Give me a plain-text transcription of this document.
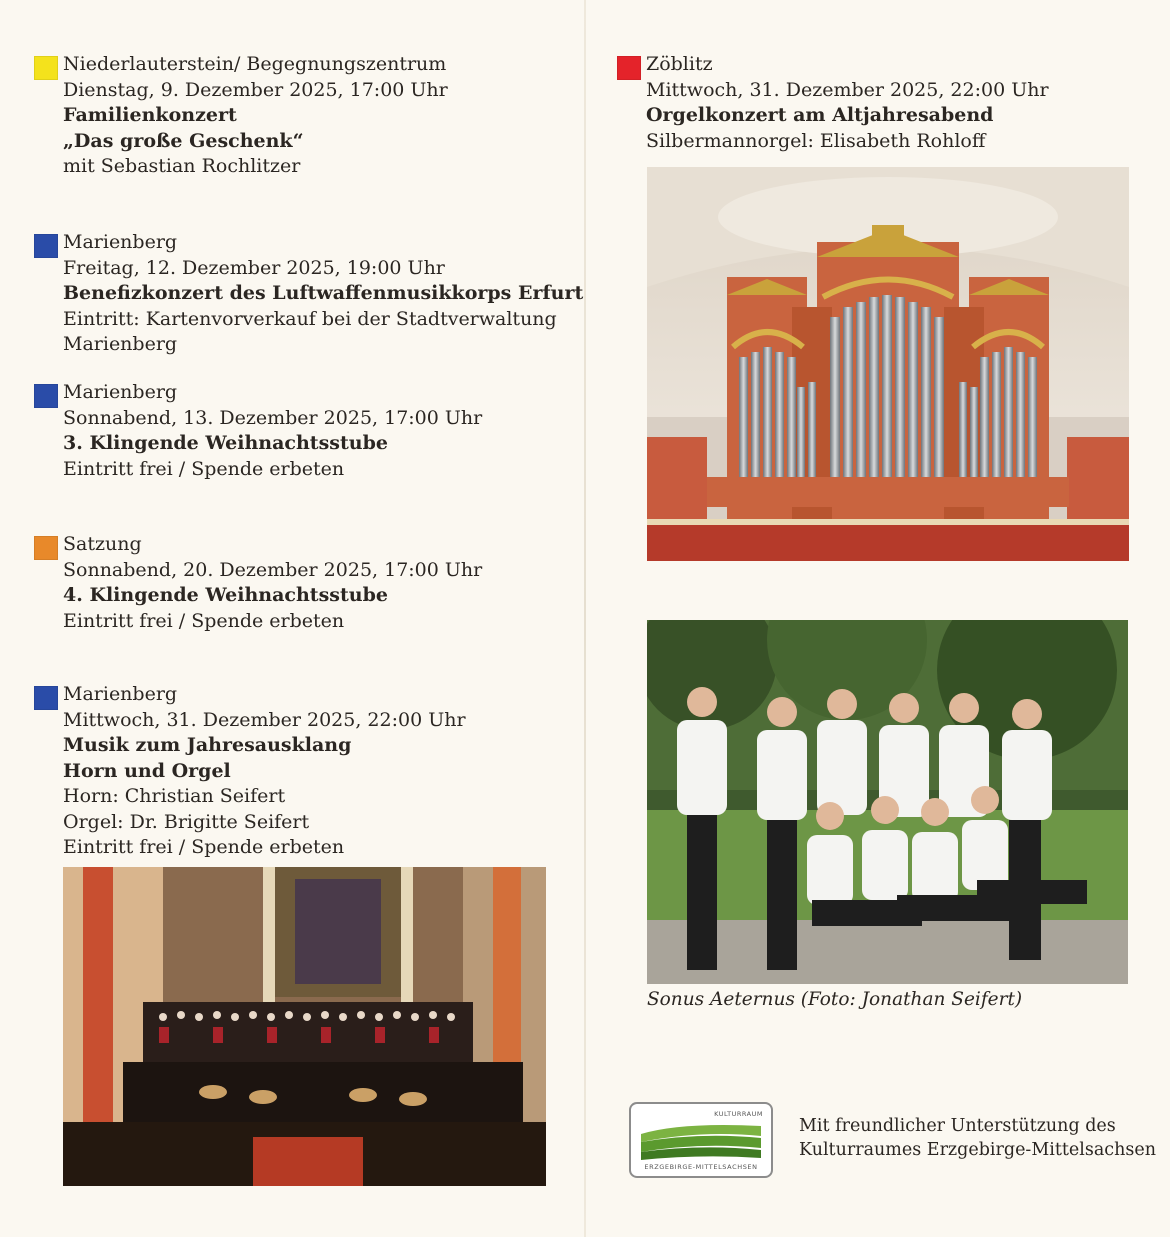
Niederlauterstein/ Begegnungszentrum
Dienstag, 9. Dezember 2025, 17:00 Uhr
Familienkonzert
„Das große Geschenk“
mit Sebastian Rochlitzer
Marienberg
Freitag, 12. Dezember 2025, 19:00 Uhr
Benefizkonzert des Luftwaffenmusikkorps Erfurt
Eintritt: Kartenvorverkauf bei der Stadtverwaltung
Marienberg
Marienberg
Sonnabend, 13. Dezember 2025, 17:00 Uhr
3. Klingende Weihnachtsstube
Eintritt frei / Spende erbeten
Satzung
Sonnabend, 20. Dezember 2025, 17:00 Uhr
4. Klingende Weihnachtsstube
Eintritt frei / Spende erbeten
Marienberg
Mittwoch, 31. Dezember 2025, 22:00 Uhr
Musik zum Jahresausklang
Horn und Orgel
Horn: Christian Seifert
Orgel: Dr. Brigitte Seifert
Eintritt frei / Spende erbeten
Zöblitz
Mittwoch, 31. Dezember 2025, 22:00 Uhr
Orgelkonzert am Altjahresabend
Silbermannorgel: Elisabeth Rohloff
Sonus Aeternus (Foto: Jonathan Seifert)
KULTURRAUM
ERZGEBIRGE-MITTELSACHSEN
Mit freundlicher Unterstützung des
Kulturraumes Erzgebirge-Mittelsachsen
